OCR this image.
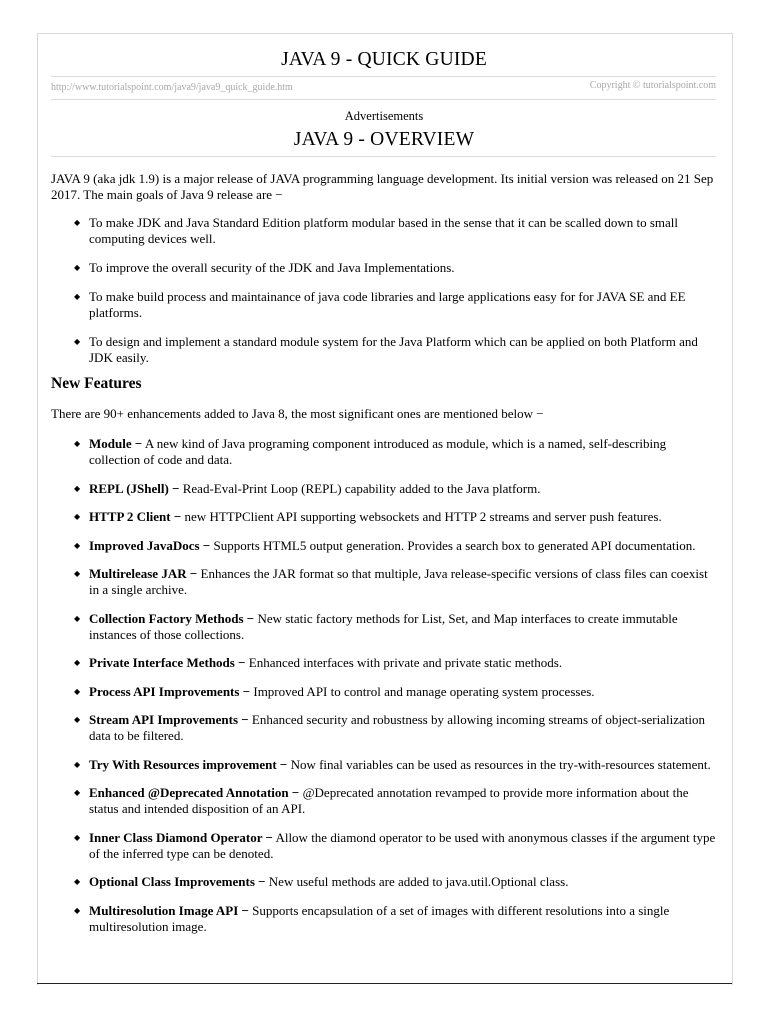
JAVA 9 - QUICK GUIDE
http://www.tutorialspoint.com/java9/java9_quick_guide.htm	Copyright © tutorialspoint.com
Advertisements
JAVA 9 - OVERVIEW
JAVA 9 (aka jdk 1.9) is a major release of JAVA programming language development. Its initial version was released on 21 Sep 2017. The main goals of Java 9 release are −
◆ To make JDK and Java Standard Edition platform modular based in the sense that it can be scalled down to small computing devices well.
◆ To improve the overall security of the JDK and Java Implementations.
◆ To make build process and maintainance of java code libraries and large applications easy for for JAVA SE and EE platforms.
◆ To design and implement a standard module system for the Java Platform which can be applied on both Platform and JDK easily.
New Features
There are 90+ enhancements added to Java 8, the most significant ones are mentioned below −
◆ Module − A new kind of Java programing component introduced as module, which is a named, self-describing collection of code and data.
◆ REPL (JShell) − Read-Eval-Print Loop (REPL) capability added to the Java platform.
◆ HTTP 2 Client − new HTTPClient API supporting websockets and HTTP 2 streams and server push features.
◆ Improved JavaDocs − Supports HTML5 output generation. Provides a search box to generated API documentation.
◆ Multirelease JAR − Enhances the JAR format so that multiple, Java release-specific versions of class files can coexist in a single archive.
◆ Collection Factory Methods − New static factory methods for List, Set, and Map interfaces to create immutable instances of those collections.
◆ Private Interface Methods − Enhanced interfaces with private and private static methods.
◆ Process API Improvements − Improved API to control and manage operating system processes.
◆ Stream API Improvements − Enhanced security and robustness by allowing incoming streams of object-serialization data to be filtered.
◆ Try With Resources improvement − Now final variables can be used as resources in the try-with-resources statement.
◆ Enhanced @Deprecated Annotation − @Deprecated annotation revamped to provide more information about the status and intended disposition of an API.
◆ Inner Class Diamond Operator − Allow the diamond operator to be used with anonymous classes if the argument type of the inferred type can be denoted.
◆ Optional Class Improvements − New useful methods are added to java.util.Optional class.
◆ Multiresolution Image API − Supports encapsulation of a set of images with different resolutions into a single multiresolution image.
